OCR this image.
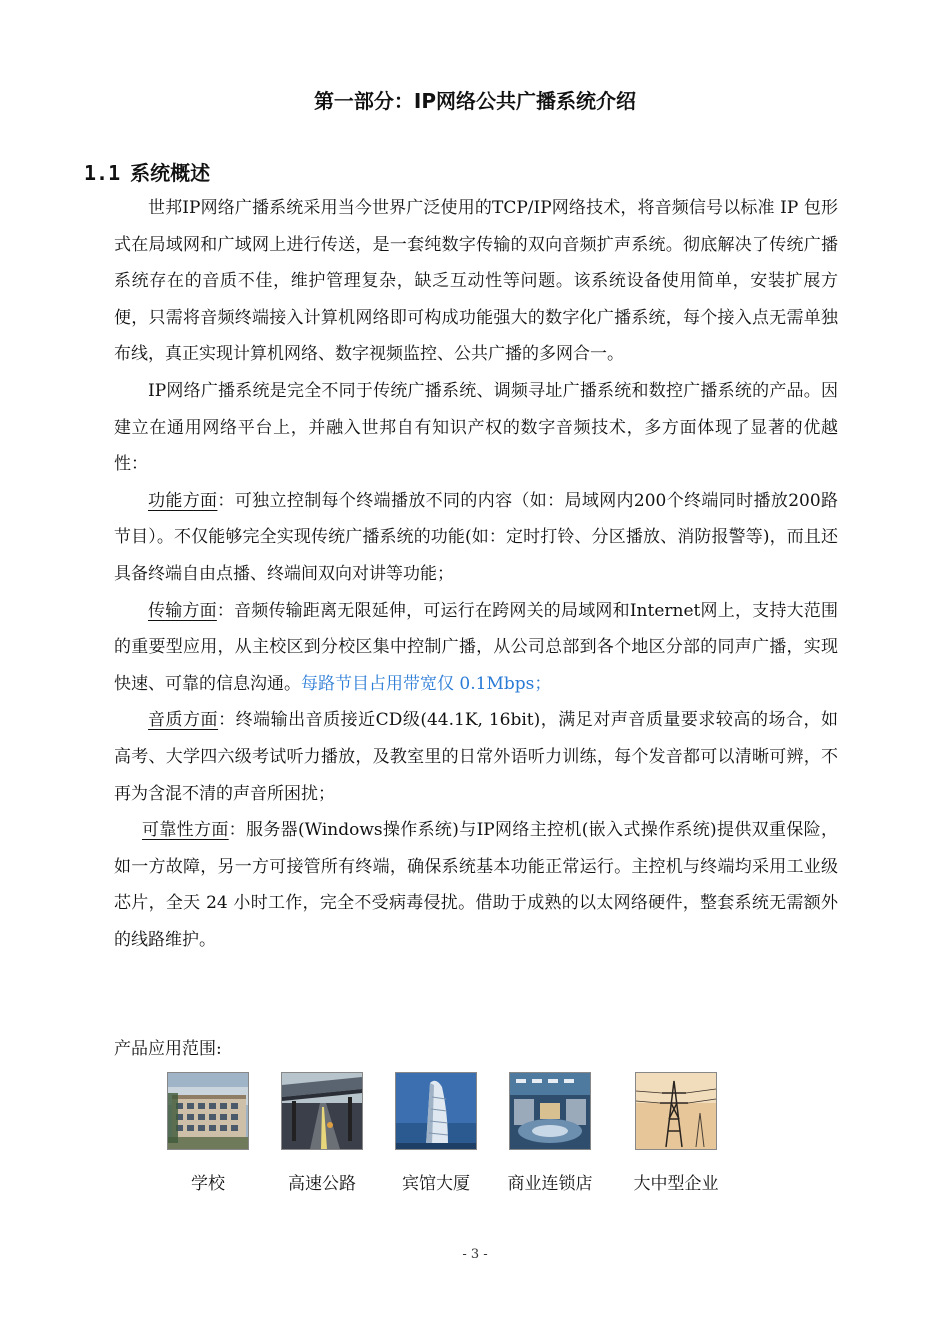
第一部分：IP网络公共广播系统介绍
1.1 系统概述

世邦IP网络广播系统采用当今世界广泛使用的TCP/IP网络技术，将音频信号以标准 IP 包形式在局域网和广域网上进行传送，是一套纯数字传输的双向音频扩声系统。彻底解决了传统广播系统存在的音质不佳，维护管理复杂，缺乏互动性等问题。该系统设备使用简单，安装扩展方便，只需将音频终端接入计算机网络即可构成功能强大的数字化广播系统，每个接入点无需单独布线，真正实现计算机网络、数字视频监控、公共广播的多网合一。

IP网络广播系统是完全不同于传统广播系统、调频寻址广播系统和数控广播系统的产品。因建立在通用网络平台上，并融入世邦自有知识产权的数字音频技术，多方面体现了显著的优越性：

功能方面：可独立控制每个终端播放不同的内容（如：局域网内200个终端同时播放200路节目）。不仅能够完全实现传统广播系统的功能(如：定时打铃、分区播放、消防报警等)，而且还具备终端自由点播、终端间双向对讲等功能；

传输方面：音频传输距离无限延伸，可运行在跨网关的局域网和Internet网上，支持大范围的重要型应用，从主校区到分校区集中控制广播，从公司总部到各个地区分部的同声广播，实现快速、可靠的信息沟通。每路节目占用带宽仅 0.1Mbps；

音质方面：终端输出音质接近CD级(44.1K, 16bit)，满足对声音质量要求较高的场合，如高考、大学四六级考试听力播放，及教室里的日常外语听力训练，每个发音都可以清晰可辨，不再为含混不清的声音所困扰；

可靠性方面：服务器(Windows操作系统)与IP网络主控机(嵌入式操作系统)提供双重保险，如一方故障，另一方可接管所有终端，确保系统基本功能正常运行。主控机与终端均采用工业级芯片，全天 24 小时工作，完全不受病毒侵扰。借助于成熟的以太网络硬件，整套系统无需额外的线路维护。

产品应用范围:
学校	高速公路	宾馆大厦	商业连锁店	大中型企业
- 3 -
